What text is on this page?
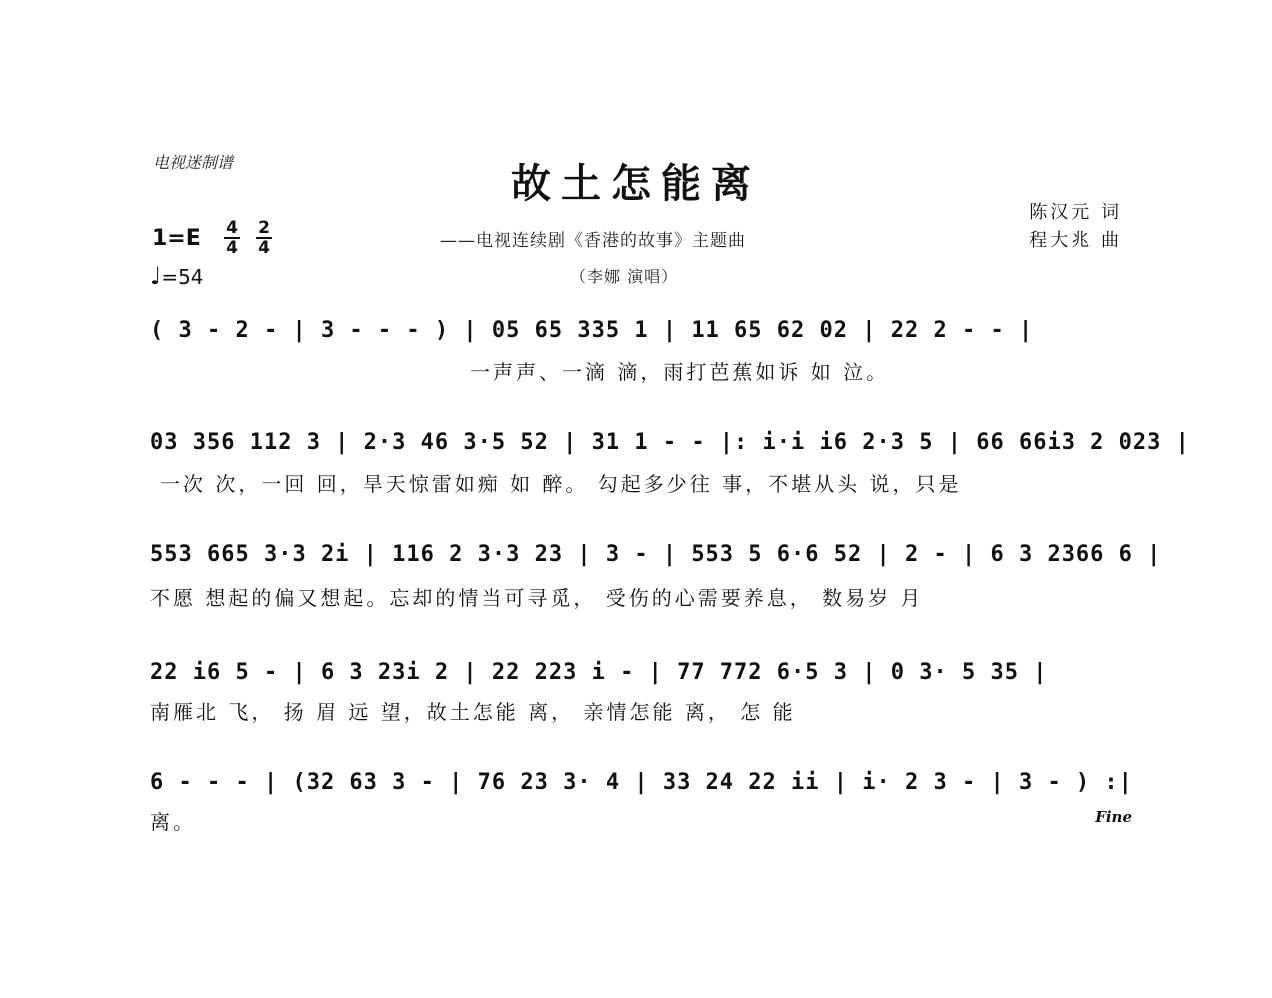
电视迷制谱	故土怎能离
——电视连续剧《香港的故事》主题曲
（李娜 演唱）
陈汉元 词
程大兆 曲
1=E 4
4
2
4
♩=54
( 3 - 2 - | 3 - - - ) | 05 65 335 1 | 11 65 62 02 | 22 2 - - |
一声声、一滴 滴，雨打芭蕉如诉 如 泣。
03 356 112 3 | 2·3 46 3·5 52 | 31 1 - - |: i·i i6 2·3 5 | 66 66i3 2 023 |
一次 次，一回 回，旱天惊雷如痴 如 醉。 勾起多少往 事，不堪从头 说，只是
553 665 3·3 2i | 116 2 3·3 23 | 3 - | 553 5 6·6 52 | 2 - | 6 3 2366 6 |
不愿 想起的偏又想起。忘却的情当可寻觅， 受伤的心需要养息， 数易岁 月
22 i6 5 - | 6 3 23i 2 | 22 223 i - | 77 772 6·5 3 | 0 3· 5 35 |
南雁北 飞， 扬 眉 远 望，故土怎能 离， 亲情怎能 离， 怎 能
6 - - - | (32 63 3 - | 76 23 3· 4 | 33 24 22 ii | i· 2 3 - | 3 - ) :|
离。	Fine
